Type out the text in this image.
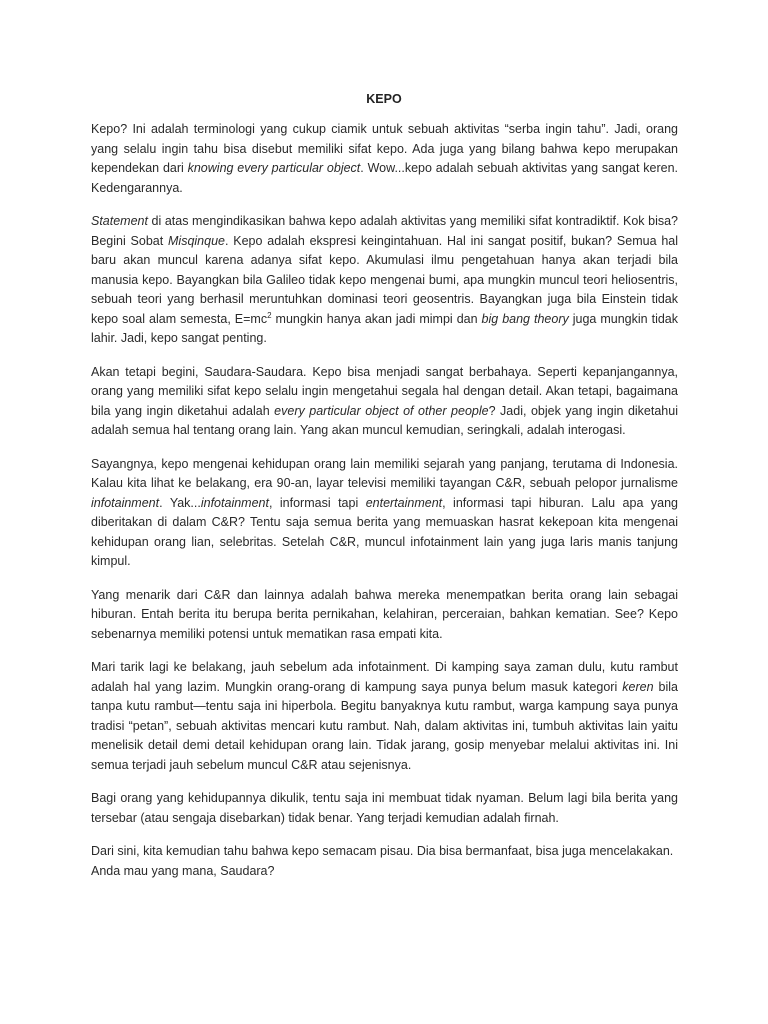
KEPO

Kepo? Ini adalah terminologi yang cukup ciamik untuk sebuah aktivitas “serba ingin tahu”. Jadi, orang yang selalu ingin tahu bisa disebut memiliki sifat kepo. Ada juga yang bilang bahwa kepo merupakan kependekan dari knowing every particular object. Wow...kepo adalah sebuah aktivitas yang sangat keren. Kedengarannya.

Statement di atas mengindikasikan bahwa kepo adalah aktivitas yang memiliki sifat kontradiktif. Kok bisa? Begini Sobat Misqinque. Kepo adalah ekspresi keingintahuan. Hal ini sangat positif, bukan? Semua hal baru akan muncul karena adanya sifat kepo. Akumulasi ilmu pengetahuan hanya akan terjadi bila manusia kepo. Bayangkan bila Galileo tidak kepo mengenai bumi, apa mungkin muncul teori heliosentris, sebuah teori yang berhasil meruntuhkan dominasi teori geosentris. Bayangkan juga bila Einstein tidak kepo soal alam semesta, $E=mc^2$ mungkin hanya akan jadi mimpi dan big bang theory juga mungkin tidak lahir. Jadi, kepo sangat penting.

Akan tetapi begini, Saudara-Saudara. Kepo bisa menjadi sangat berbahaya. Seperti kepanjangannya, orang yang memiliki sifat kepo selalu ingin mengetahui segala hal dengan detail. Akan tetapi, bagaimana bila yang ingin diketahui adalah every particular object of other people? Jadi, objek yang ingin diketahui adalah semua hal tentang orang lain. Yang akan muncul kemudian, seringkali, adalah interogasi.

Sayangnya, kepo mengenai kehidupan orang lain memiliki sejarah yang panjang, terutama di Indonesia. Kalau kita lihat ke belakang, era 90-an, layar televisi memiliki tayangan C&R, sebuah pelopor jurnalisme infotainment. Yak...infotainment, informasi tapi entertainment, informasi tapi hiburan. Lalu apa yang diberitakan di dalam C&R? Tentu saja semua berita yang memuaskan hasrat kekepoan kita mengenai kehidupan orang lian, selebritas. Setelah C&R, muncul infotainment lain yang juga laris manis tanjung kimpul.

Yang menarik dari C&R dan lainnya adalah bahwa mereka menempatkan berita orang lain sebagai hiburan. Entah berita itu berupa berita pernikahan, kelahiran, perceraian, bahkan kematian. See? Kepo sebenarnya memiliki potensi untuk mematikan rasa empati kita.

Mari tarik lagi ke belakang, jauh sebelum ada infotainment. Di kamping saya zaman dulu, kutu rambut adalah hal yang lazim. Mungkin orang-orang di kampung saya punya belum masuk kategori keren bila tanpa kutu rambut—tentu saja ini hiperbola. Begitu banyaknya kutu rambut, warga kampung saya punya tradisi “petan”, sebuah aktivitas mencari kutu rambut. Nah, dalam aktivitas ini, tumbuh aktivitas lain yaitu menelisik detail demi detail kehidupan orang lain. Tidak jarang, gosip menyebar melalui aktivitas ini. Ini semua terjadi jauh sebelum muncul C&R atau sejenisnya.

Bagi orang yang kehidupannya dikulik, tentu saja ini membuat tidak nyaman. Belum lagi bila berita yang tersebar (atau sengaja disebarkan) tidak benar. Yang terjadi kemudian adalah firnah.

Dari sini, kita kemudian tahu bahwa kepo semacam pisau. Dia bisa bermanfaat, bisa juga mencelakakan. Anda mau yang mana, Saudara?
